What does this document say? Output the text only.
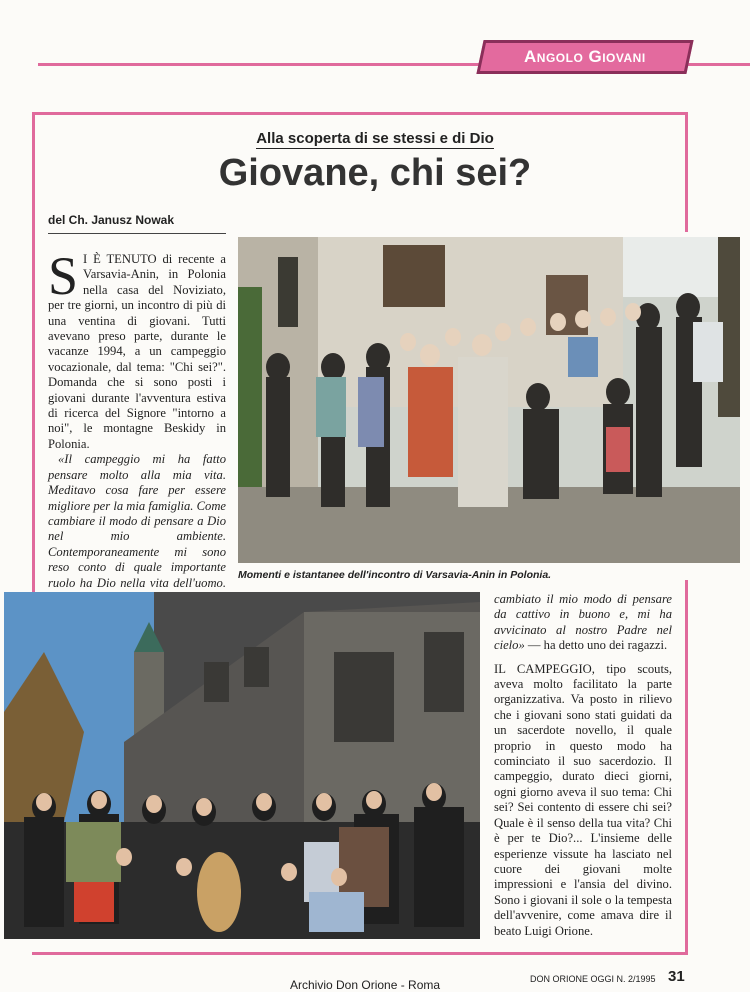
Angolo Giovani
Alla scoperta di se stessi e di Dio
Giovane, chi sei?
del Ch. Janusz Nowak

S I È TENUTO di recente a Varsavia-Anin, in Polonia nella casa del Noviziato, per tre giorni, un incontro di più di una ventina di giovani. Tutti avevano preso parte, durante le vacanze 1994, a un campeggio vocazionale, dal tema: "Chi sei?". Domanda che si sono posti i giovani durante l'avventura estiva di ricerca del Signore "intorno a noi", le montagne Beskidy in Polonia.

«Il campeggio mi ha fatto pensare molto alla mia vita. Meditavo cosa fare per essere migliore per la mia famiglia. Come cambiare il modo di pensare a Dio nel mio ambiente. Contemporaneamente mi sono reso conto di quale importante ruolo ha Dio nella vita dell'uomo.

Momenti e istantanee dell'incontro di Varsavia-Anin in Polonia.

cambiato il mio modo di pensare da cattivo in buono e, mi ha avvicinato al nostro Padre nel cielo» — ha detto uno dei ragazzi.

IL CAMPEGGIO, tipo scouts, aveva molto facilitato la parte organizzativa. Va posto in rilievo che i giovani sono stati guidati da un sacerdote novello, il quale proprio in questo modo ha cominciato il suo sacerdozio. Il campeggio, durato dieci giorni, ogni giorno aveva il suo tema: Chi sei? Sei contento di essere chi sei? Quale è il senso della tua vita? Chi è per te Dio?... L'insieme delle esperienze vissute ha lasciato nel cuore dei giovani molte impressioni e l'ansia del divino. Sono i giovani il sole o la tempesta dell'avvenire, come amava dire il beato Luigi Orione.

Archivio Don Orione - Roma	DON ORIONE OGGI N. 2/1995 31
